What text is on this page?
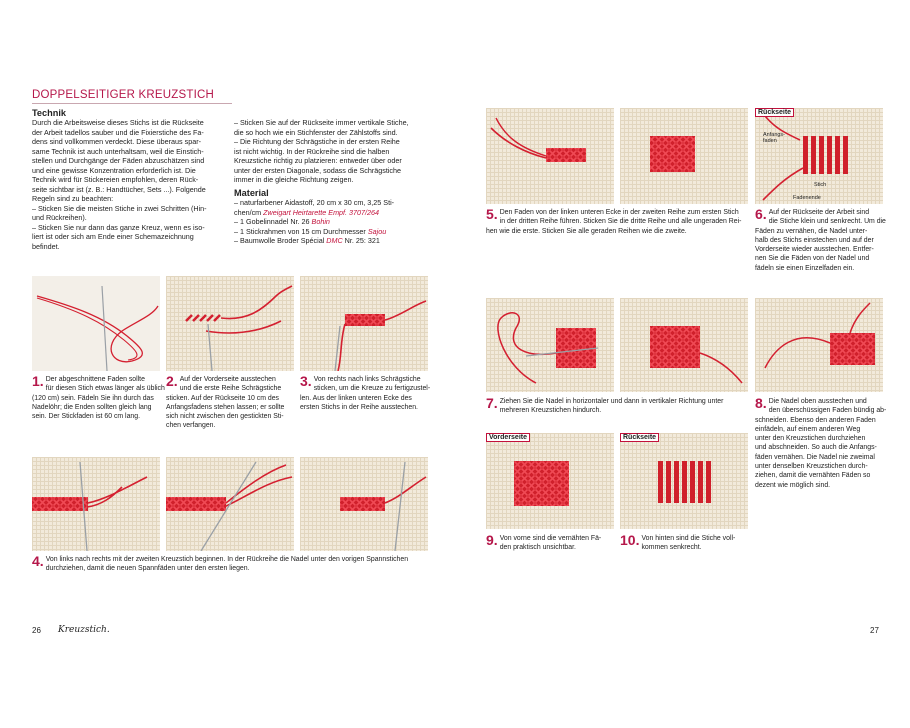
DOPPELSEITIGER KREUZSTICH
Technik
Durch die Arbeitsweise dieses Stichs ist die Rückseite
der Arbeit tadellos sauber und die Fixierstiche des Fa-
dens sind vollkommen verdeckt. Diese überaus spar-
same Technik ist auch unterhaltsam, weil die Einstich-
stellen und Durchgänge der Fäden abzuschätzen sind
und eine gewisse Konzentration erforderlich ist. Die
Technik wird für Stickereien empfohlen, deren Rück-
seite sichtbar ist (z. B.: Handtücher, Sets ...). Folgende
Regeln sind zu beachten:
– Sticken Sie die meisten Stiche in zwei Schritten (Hin-
und Rückreihen).
– Sticken Sie nur dann das ganze Kreuz, wenn es iso-
liert ist oder sich am Ende einer Schemazeichnung
befindet.
– Sticken Sie auf der Rückseite immer vertikale Stiche,
die so hoch wie ein Stichfenster der Zählstoffs sind.
– Die Richtung der Schrägstiche in der ersten Reihe
ist nicht wichtig. In der Rückreihe sind die halben
Kreuzstiche richtig zu platzieren: entweder über oder
unter der ersten Diagonale, sodass die Schrägstiche
immer in die gleiche Richtung zeigen.
Material
– naturfarbener Aidastoff, 20 cm x 30 cm, 3,25 Sti-
chen/cm Zweigart Heirtarette Empf. 3707/264
– 1 Gobelinnadel Nr. 26 Bohin
– 1 Stickrahmen von 15 cm Durchmesser Sajou
– Baumwolle Broder Spécial DMC Nr. 25: 321
1. Der abgeschnittene Faden sollte
für diesen Stich etwas länger als üblich
(120 cm) sein. Fädeln Sie ihn durch das
Nadelöhr; die Enden sollten gleich lang
sein. Der Stickfaden ist 60 cm lang.
2. Auf der Vorderseite ausstechen
und die erste Reihe Schrägstiche
sticken. Auf der Rückseite 10 cm des
Anfangsfadens stehen lassen; er sollte
sich nicht zwischen den gestickten Sti-
chen verfangen.
3. Von rechts nach links Schrägstiche
sticken, um die Kreuze zu fertigzustel-
len. Aus der linken unteren Ecke des
ersten Stichs in der Reihe ausstechen.
4. Von links nach rechts mit der zweiten Kreuzstich beginnen. In der Rückreihe die Nadel unter den vorigen Spannstichen
durchziehen, damit die neuen Spannfäden unter den ersten liegen.
26 Kreuzstich.
Rückseite
Anfangs-
faden
Stich
Fadenende
5. Den Faden von der linken unteren Ecke in der zweiten Reihe zum ersten Stich
in der dritten Reihe führen. Sticken Sie die dritte Reihe und alle ungeraden Rei-
hen wie die erste. Sticken Sie alle geraden Reihen wie die zweite.
6. Auf der Rückseite der Arbeit sind
die Stiche klein und senkrecht. Um die
Fäden zu vernähen, die Nadel unter-
halb des Stichs einstechen und auf der
Vorderseite wieder ausstechen. Entfer-
nen Sie die Fäden von der Nadel und
fädeln sie einen Einzelfaden ein.
7. Ziehen Sie die Nadel in horizontaler und dann in vertikaler Richtung unter
mehreren Kreuzstichen hindurch.	8. Die Nadel oben ausstechen und
den überschüssigen Faden bündig ab-
schneiden. Ebenso den anderen Faden
einfädeln, auf einem anderen Weg
unter den Kreuzstichen durchziehen
und abschneiden. So auch die Anfangs-
fäden vernähen. Die Nadel nie zweimal
unter denselben Kreuzstichen durch-
ziehen, damit die vernähten Fäden so
dezent wie möglich sind.
Vorderseite	Rückseite
9. Von vorne sind die vernähten Fä-
den praktisch unsichtbar.	10. Von hinten sind die Stiche voll-
kommen senkrecht.
27
